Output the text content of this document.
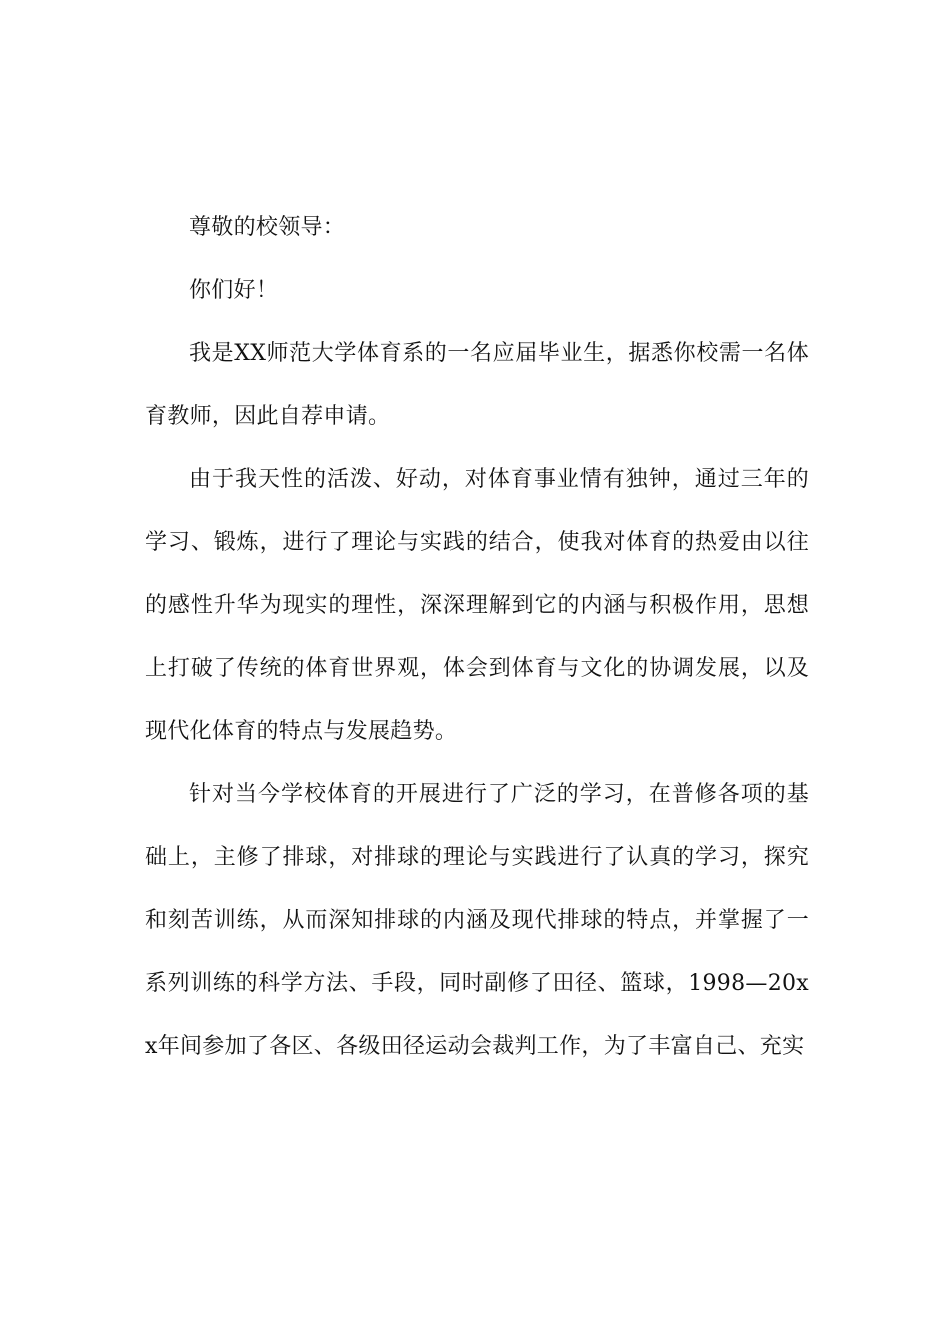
尊敬的校领导：

你们好！

我是XX师范大学体育系的一名应届毕业生，据悉你校需一名体育教师，因此自荐申请。

由于我天性的活泼、好动，对体育事业情有独钟，通过三年的学习、锻炼，进行了理论与实践的结合，使我对体育的热爱由以往的感性升华为现实的理性，深深理解到它的内涵与积极作用，思想上打破了传统的体育世界观，体会到体育与文化的协调发展，以及现代化体育的特点与发展趋势。

针对当今学校体育的开展进行了广泛的学习，在普修各项的基础上，主修了排球，对排球的理论与实践进行了认真的学习，探究和刻苦训练，从而深知排球的内涵及现代排球的特点，并掌握了一系列训练的科学方法、手段，同时副修了田径、篮球，1998—20xx年间参加了各区、各级田径运动会裁判工作，为了丰富自己、充实
